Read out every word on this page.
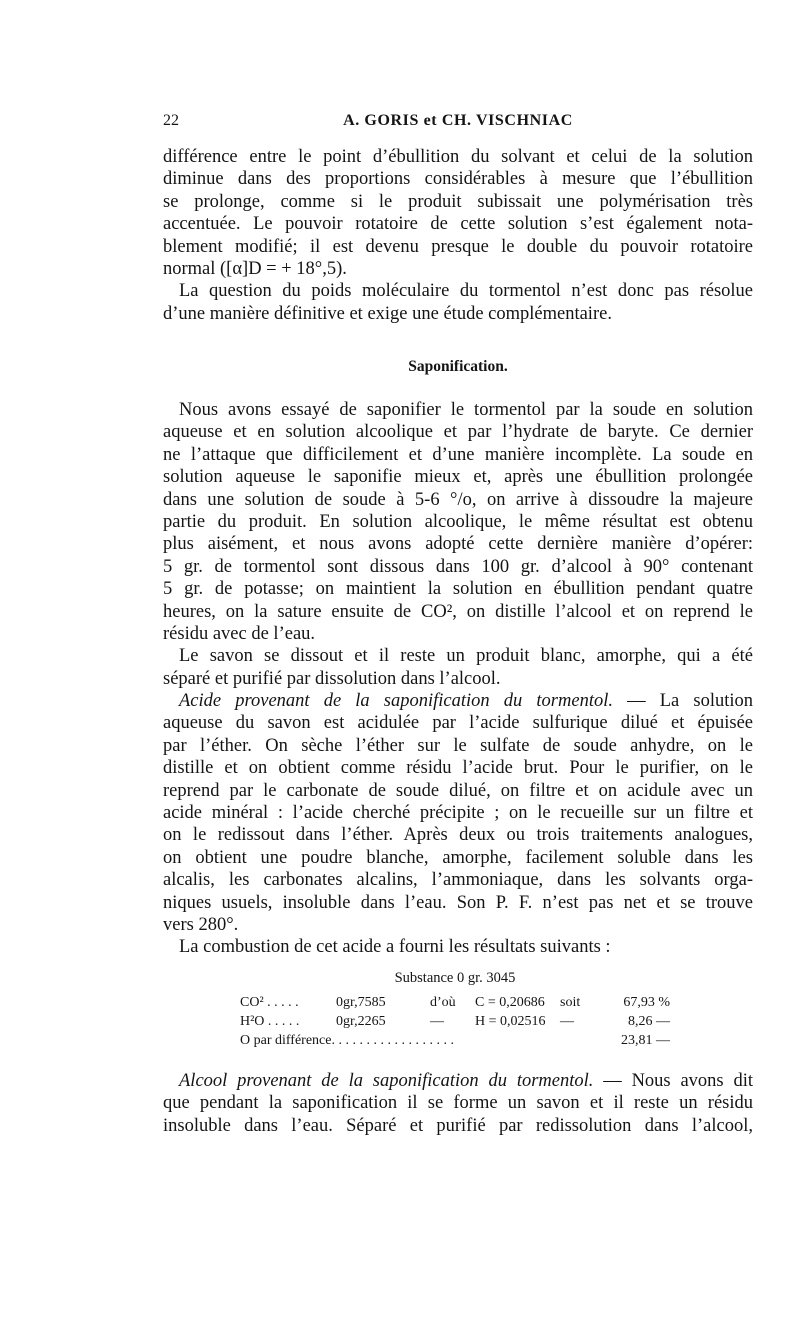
22	A. GORIS et CH. VISCHNIAC
différence entre le point d’ébullition du solvant et celui de la solution
diminue dans des proportions considérables à mesure que l’ébullition
se prolonge, comme si le produit subissait une polymérisation très
accentuée. Le pouvoir rotatoire de cette solution s’est également nota-
blement modifié; il est devenu presque le double du pouvoir rotatoire
normal ([α]D = + 18°,5).
La question du poids moléculaire du tormentol n’est donc pas résolue
d’une manière définitive et exige une étude complémentaire.
Saponification.
Nous avons essayé de saponifier le tormentol par la soude en solution
aqueuse et en solution alcoolique et par l’hydrate de baryte. Ce dernier
ne l’attaque que difficilement et d’une manière incomplète. La soude en
solution aqueuse le saponifie mieux et, après une ébullition prolongée
dans une solution de soude à 5-6 °/o, on arrive à dissoudre la majeure
partie du produit. En solution alcoolique, le même résultat est obtenu
plus aisément, et nous avons adopté cette dernière manière d’opérer:
5 gr. de tormentol sont dissous dans 100 gr. d’alcool à 90° contenant
5 gr. de potasse; on maintient la solution en ébullition pendant quatre
heures, on la sature ensuite de CO², on distille l’alcool et on reprend le
résidu avec de l’eau.
Le savon se dissout et il reste un produit blanc, amorphe, qui a été
séparé et purifié par dissolution dans l’alcool.
Acide provenant de la saponification du tormentol. — La solution
aqueuse du savon est acidulée par l’acide sulfurique dilué et épuisée
par l’éther. On sèche l’éther sur le sulfate de soude anhydre, on le
distille et on obtient comme résidu l’acide brut. Pour le purifier, on le
reprend par le carbonate de soude dilué, on filtre et on acidule avec un
acide minéral : l’acide cherché précipite ; on le recueille sur un filtre et
on le redissout dans l’éther. Après deux ou trois traitements analogues,
on obtient une poudre blanche, amorphe, facilement soluble dans les
alcalis, les carbonates alcalins, l’ammoniaque, dans les solvants orga-
niques usuels, insoluble dans l’eau. Son P. F. n’est pas net et se trouve
vers 280°.
La combustion de cet acide a fourni les résultats suivants :
Substance 0 gr. 3045
CO² . . . . .	0gr,7585	d’où C = 0,20686 soit	67,93 %
H²O . . . . .	0gr,2265	— H = 0,02516 —	8,26 —
O par différence. . . . . . . . . . . . . . . . . .	23,81 —
Alcool provenant de la saponification du tormentol. — Nous avons dit
que pendant la saponification il se forme un savon et il reste un résidu
insoluble dans l’eau. Séparé et purifié par redissolution dans l’alcool,
